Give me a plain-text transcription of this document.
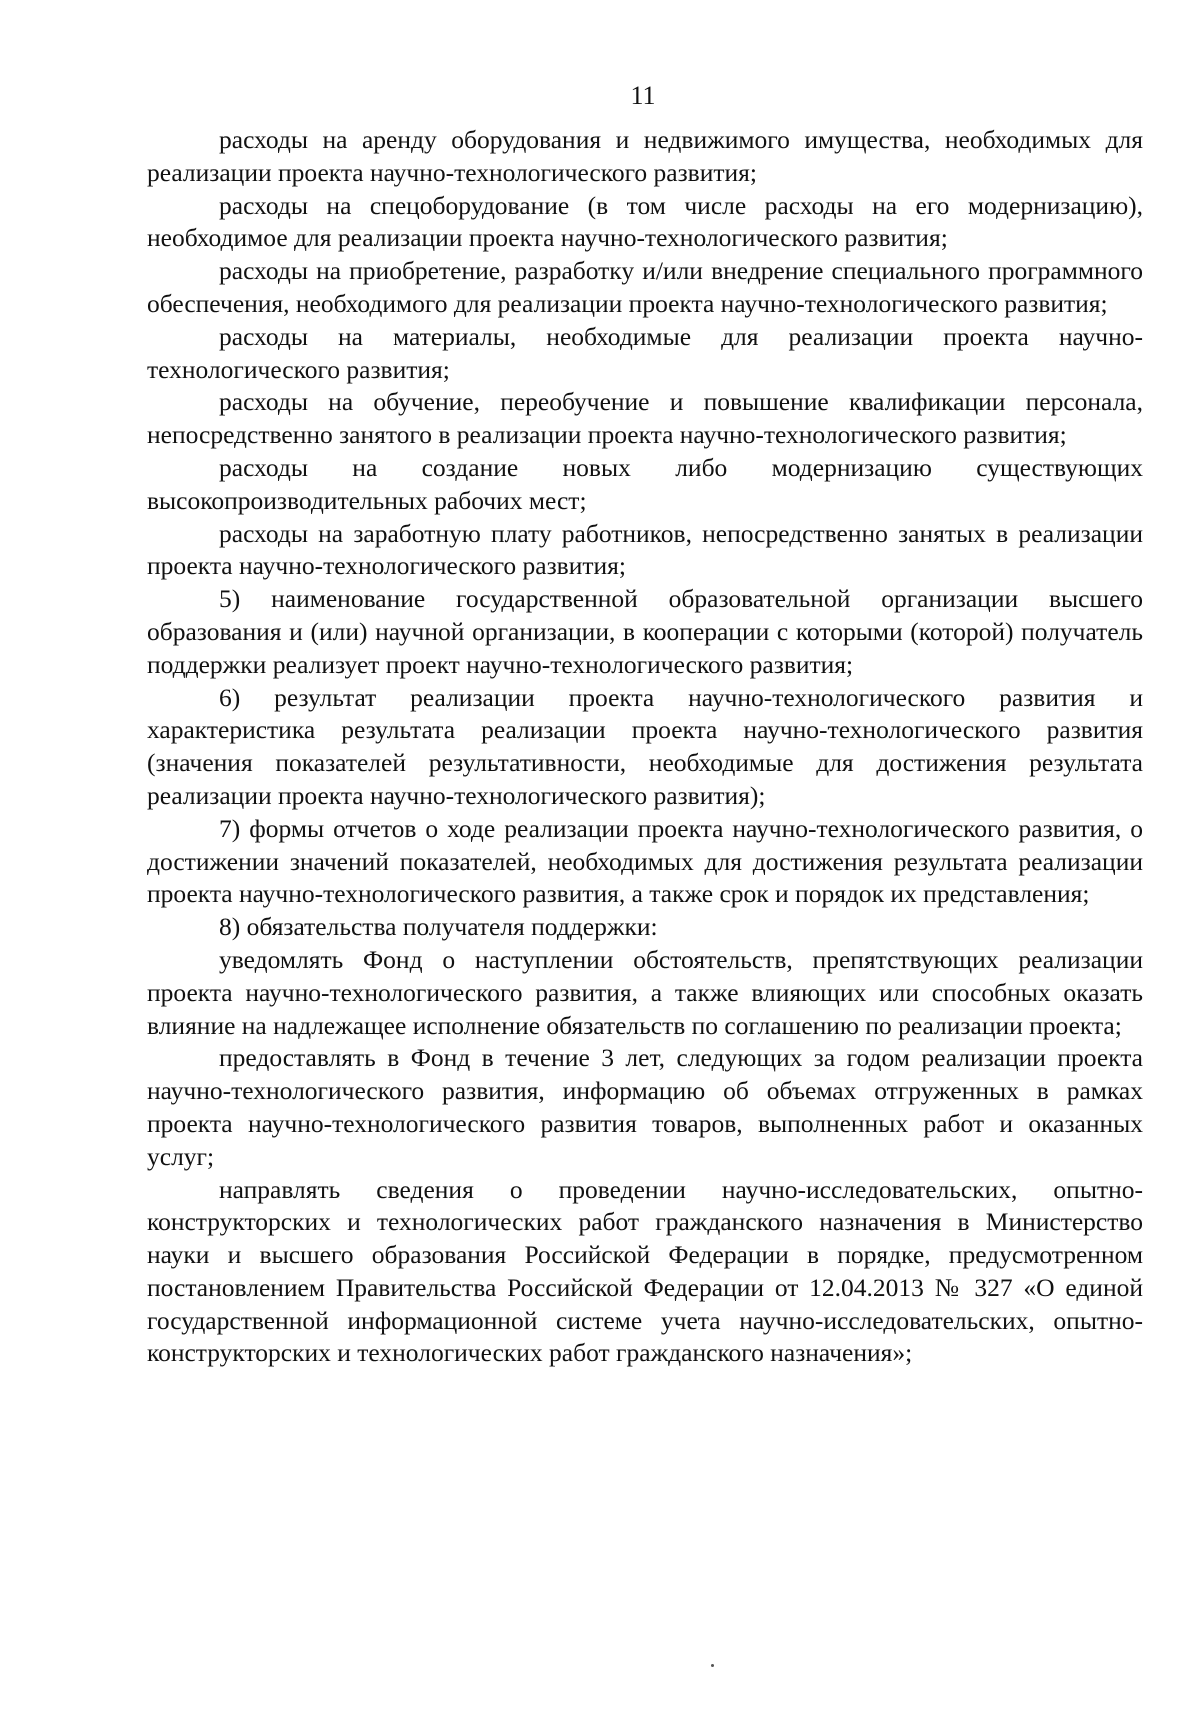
11

расходы на аренду оборудования и недвижимого имущества, необходимых для реализации проекта научно-технологического развития;

расходы на спецоборудование (в том числе расходы на его модернизацию), необходимое для реализации проекта научно-технологического развития;

расходы на приобретение, разработку и/или внедрение специального программного обеспечения, необходимого для реализации проекта научно-технологического развития;

расходы на материалы, необходимые для реализации проекта научно-технологического развития;

расходы на обучение, переобучение и повышение квалификации персонала, непосредственно занятого в реализации проекта научно-технологического развития;

расходы на создание новых либо модернизацию существующих высокопроизводительных рабочих мест;

расходы на заработную плату работников, непосредственно занятых в реализации проекта научно-технологического развития;

5) наименование государственной образовательной организации высшего образования и (или) научной организации, в кооперации с которыми (которой) получатель поддержки реализует проект научно-технологического развития;

6) результат реализации проекта научно-технологического развития и характеристика результата реализации проекта научно-технологического развития (значения показателей результативности, необходимые для достижения результата реализации проекта научно-технологического развития);

7) формы отчетов о ходе реализации проекта научно-технологического развития, о достижении значений показателей, необходимых для достижения результата реализации проекта научно-технологического развития, а также срок и порядок их представления;

8) обязательства получателя поддержки:

уведомлять Фонд о наступлении обстоятельств, препятствующих реализации проекта научно-технологического развития, а также влияющих или способных оказать влияние на надлежащее исполнение обязательств по соглашению по реализации проекта;

предоставлять в Фонд в течение 3 лет, следующих за годом реализации проекта научно-технологического развития, информацию об объемах отгруженных в рамках проекта научно-технологического развития товаров, выполненных работ и оказанных услуг;

направлять сведения о проведении научно-исследовательских, опытно-конструкторских и технологических работ гражданского назначения в Министерство науки и высшего образования Российской Федерации в порядке, предусмотренном постановлением Правительства Российской Федерации от 12.04.2013 № 327 «О единой государственной информационной системе учета научно-исследовательских, опытно-конструкторских и технологических работ гражданского назначения»;
